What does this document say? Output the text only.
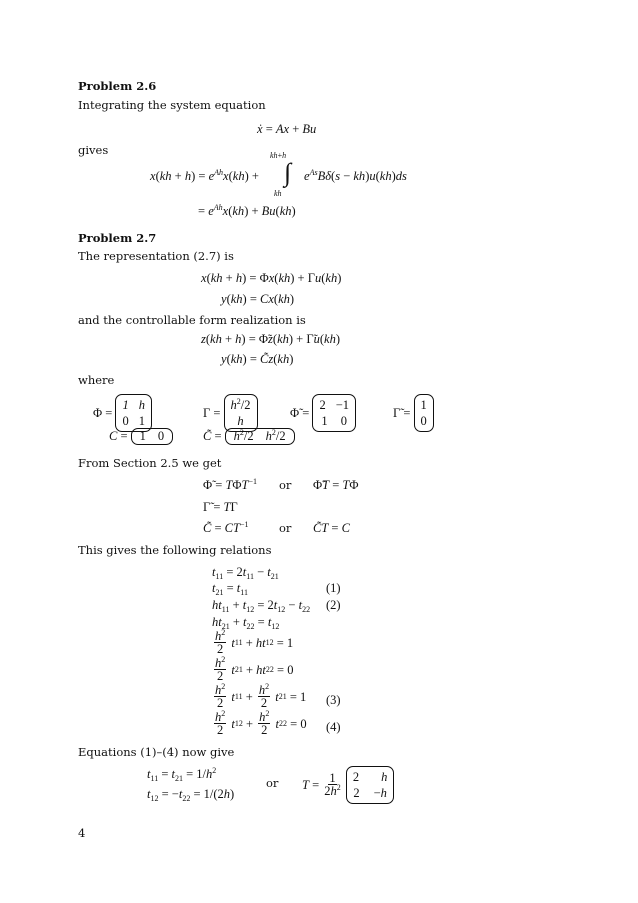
Problem 2.6
Integrating the system equation
ẋ = Ax + Bu
gives	kh+h
$x(kh + h) = e^{Ah}x(kh)$ + ∫ $e^{As}B\delta(s - kh)u(kh)ds$
kh
= $e^{Ah}x(kh) + Bu(kh)$
Problem 2.7
The representation (2.7) is
x(kh + h) = Φx(kh) + Γu(kh)
y(kh) = Cx(kh)
and the controllable form realization is
z(kh + h) = Φ̃z(kh) + Γ̃u(kh)
y(kh) = C̃z(kh)
where
Φ =
1 h
0 1
Γ =
$h^2/2$
h
Φ̃ =
2 −1
1 0
Γ̃ =
1
0
C = 1 0	C̃ = $h^2/2$ $h^2/2$
From Section 2.5 we get
Φ̃ = $T\Phi T^{-1}$ or Φ̃T = TΦ
Γ̃ = TΓ
C̃ = $CT^{-1}$	or C̃T = C
This gives the following relations
$t_{11} = 2t_{11} - t_{21}$
$t_{21} = t_{11}$	(1)
$ht_{11} + t_{12} = 2t_{12} - t_{22}$ (2)
$ht_{21} + t_{22} = t_{12}$
$\frac{h^2}{2}$
t 11 + ht 12 = 1
$\frac{h^2}{2}$
t 21 + ht 22 = 0
$\frac{h^2}{2}$
t $11 + \frac{h^2}{2}$
t 21 = 1 (3)
$\frac{h^2}{2}$
t $12 + \frac{h^2}{2}$
t 22 = 0 (4)
Equations (1)–(4) now give
$t_{11} = t_{21} = 1/h^2$
$t_{12} = -t_{22} = 1/(2h)$
or $T = \frac{1}{2h^2}$
2 h
2 −h
4
